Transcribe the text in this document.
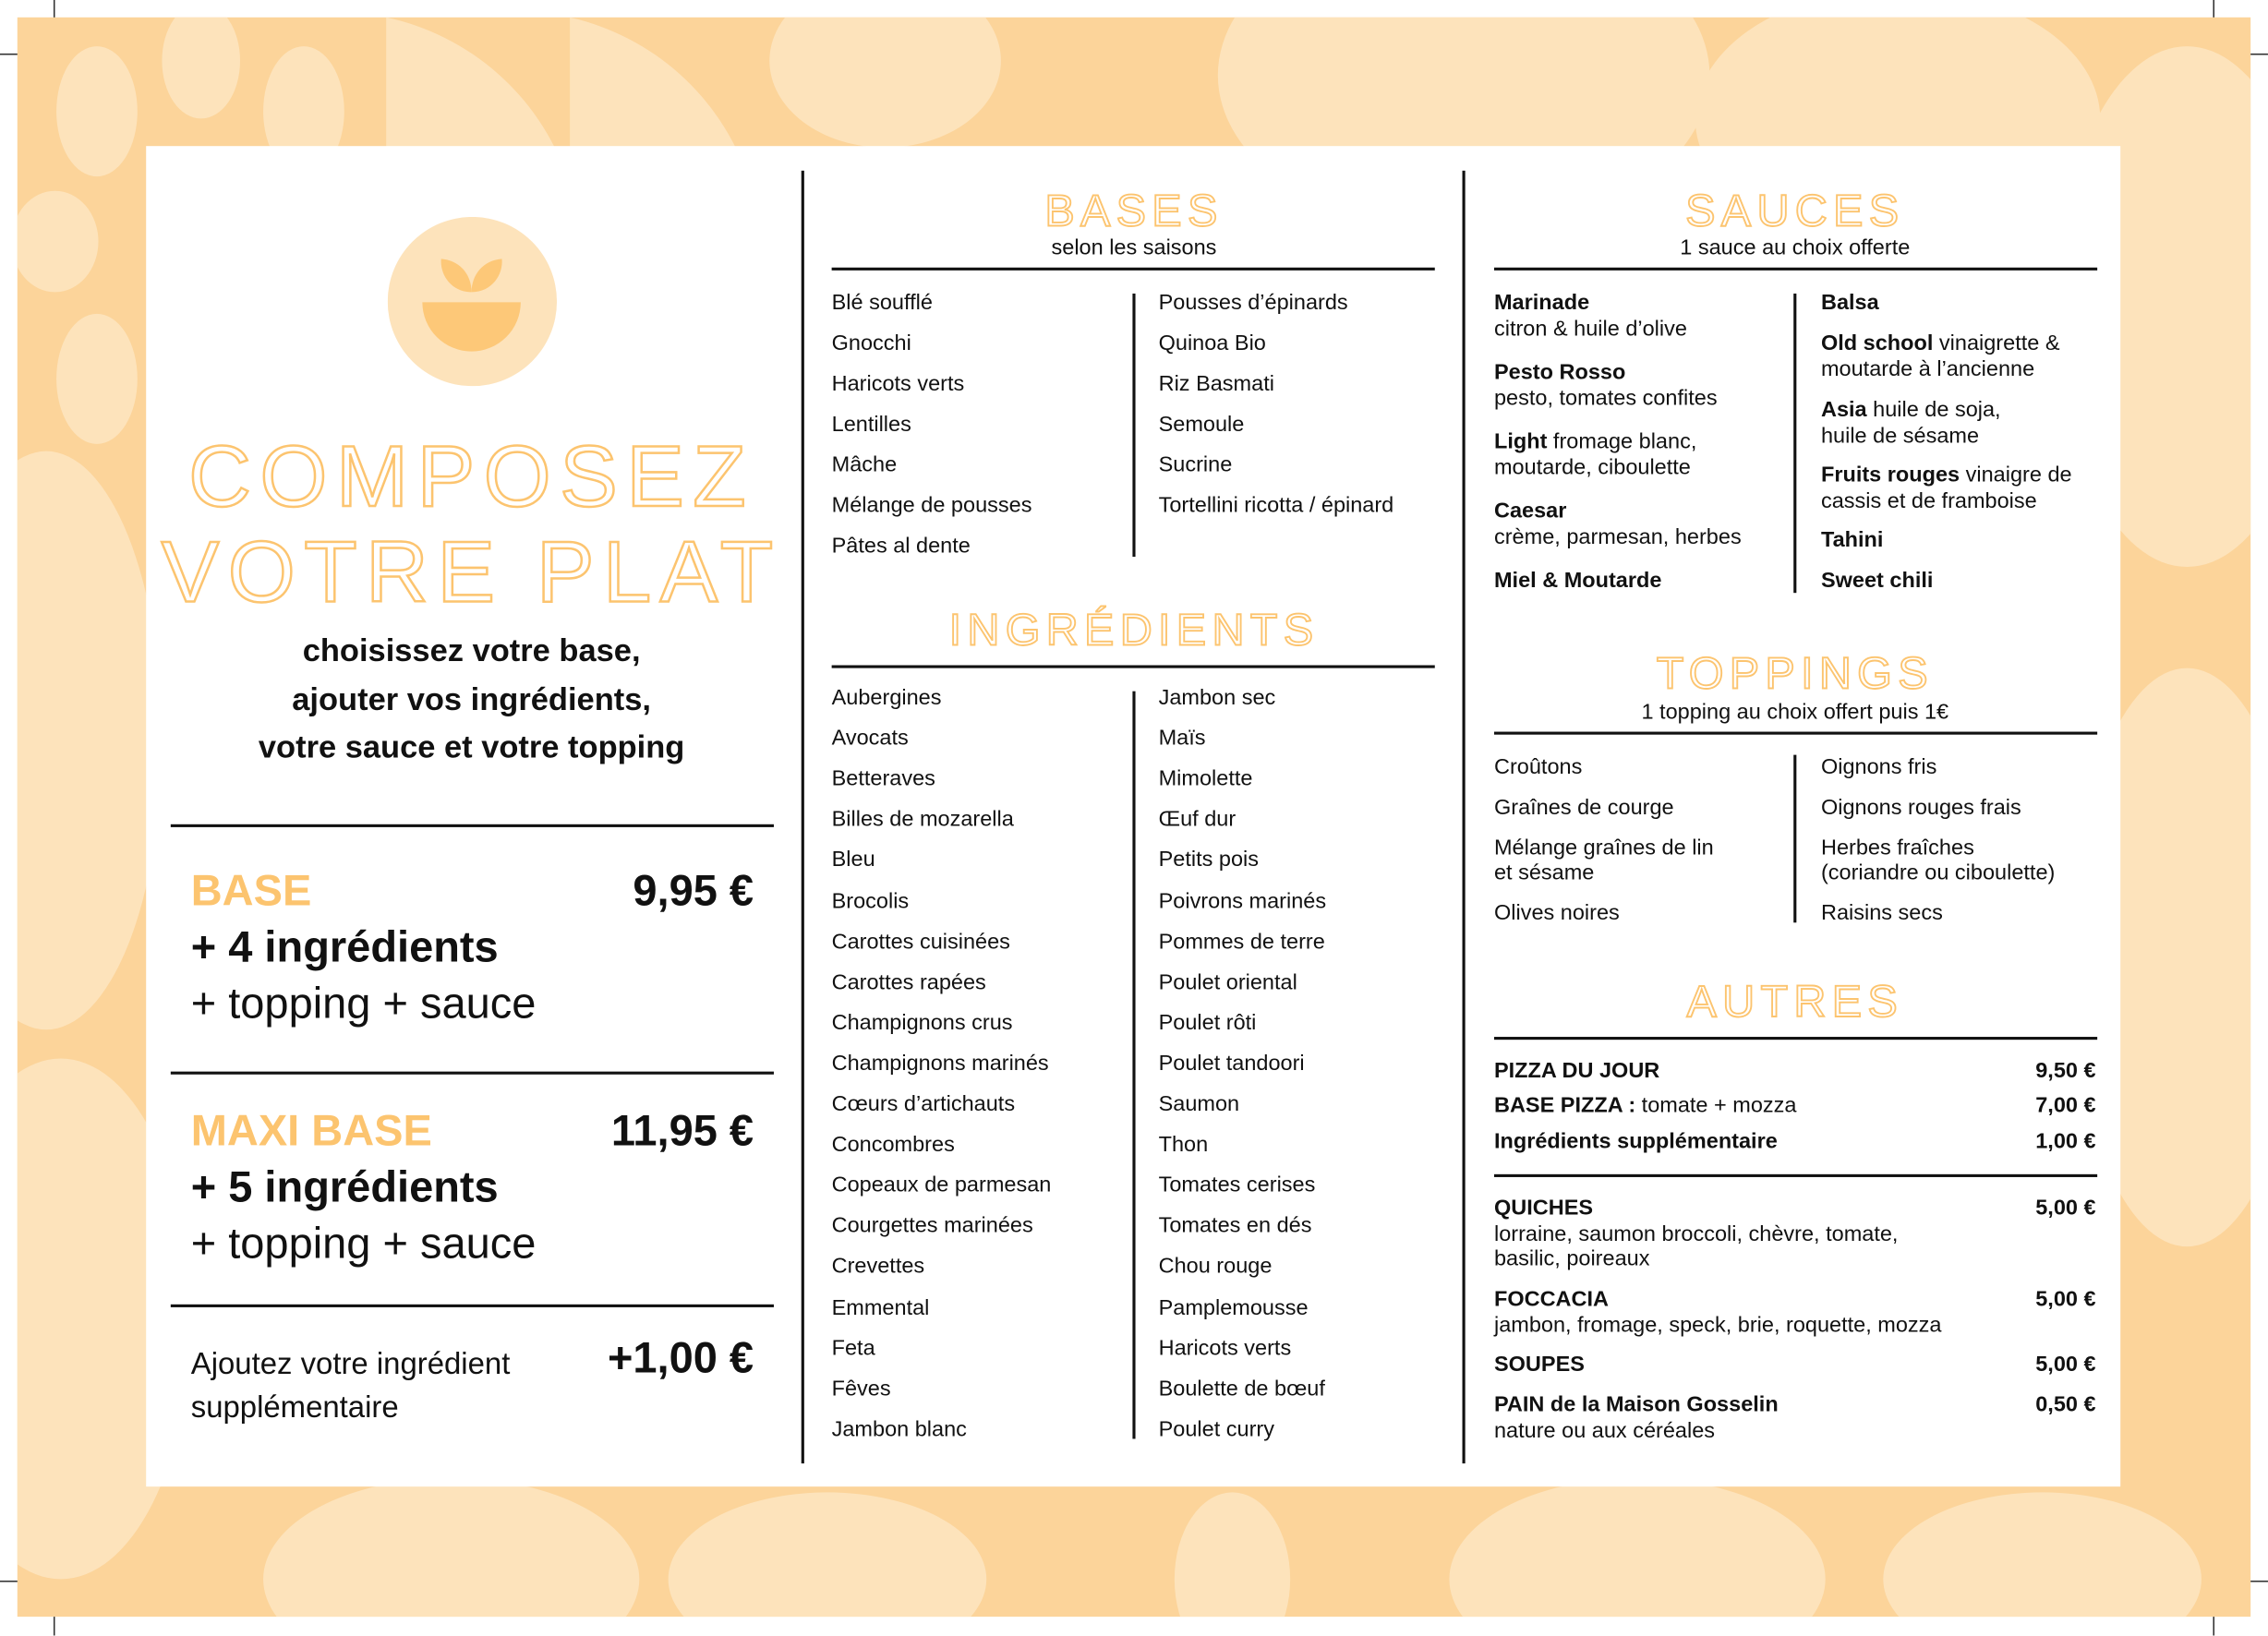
COMPOSEZ
VOTRE PLAT
choisissez votre base,
ajouter vos ingrédients,
votre sauce et votre topping
BASE	9,95 €
+ 4 ingrédients
+ topping + sauce
MAXI BASE	11,95 €
+ 5 ingrédients
+ topping + sauce
Ajoutez votre ingrédient
supplémentaire
+1,00 €
BASES
selon les saisons
INGRÉDIENTS
SAUCES
1 sauce au choix offerte
TOPPINGS
1 topping au choix offert puis 1€
AUTRES
Blé soufflé
Gnocchi
Haricots verts
Lentilles
Mâche
Mélange de pousses
Pâtes al dente
Pousses d’épinards
Quinoa Bio
Riz Basmati
Semoule
Sucrine
Tortellini ricotta / épinard
Aubergines
Avocats
Betteraves
Billes de mozarella
Bleu
Brocolis
Carottes cuisinées
Carottes rapées
Champignons crus
Champignons marinés
Cœurs d’artichauts
Concombres
Copeaux de parmesan
Courgettes marinées
Crevettes
Emmental
Feta
Fêves
Jambon blanc
Jambon sec
Maïs
Mimolette
Œuf dur
Petits pois
Poivrons marinés
Pommes de terre
Poulet oriental
Poulet rôti
Poulet tandoori
Saumon
Thon
Tomates cerises
Tomates en dés
Chou rouge
Pamplemousse
Haricots verts
Boulette de bœuf
Poulet curry
Marinade
citron & huile d’olive
Pesto Rosso
pesto, tomates confites
Light fromage blanc,
moutarde, ciboulette
Caesar
crème, parmesan, herbes
Miel & Moutarde
Balsa
Old school vinaigrette &
moutarde à l’ancienne
Asia huile de soja,
huile de sésame
Fruits rouges vinaigre de
cassis et de framboise
Tahini
Sweet chili
Croûtons
Graînes de courge
Mélange graînes de lin
et sésame
Olives noires
Oignons fris
Oignons rouges frais
Herbes fraîches
(coriandre ou ciboulette)
Raisins secs
PIZZA DU JOUR	9,50 €
BASE PIZZA : tomate + mozza	7,00 €
Ingrédients supplémentaire	1,00 €
QUICHES	5,00 €
lorraine, saumon broccoli, chèvre, tomate,
basilic, poireaux
FOCCACIA	5,00 €
jambon, fromage, speck, brie, roquette, mozza
SOUPES	5,00 €
PAIN de la Maison Gosselin	0,50 €
nature ou aux céréales
